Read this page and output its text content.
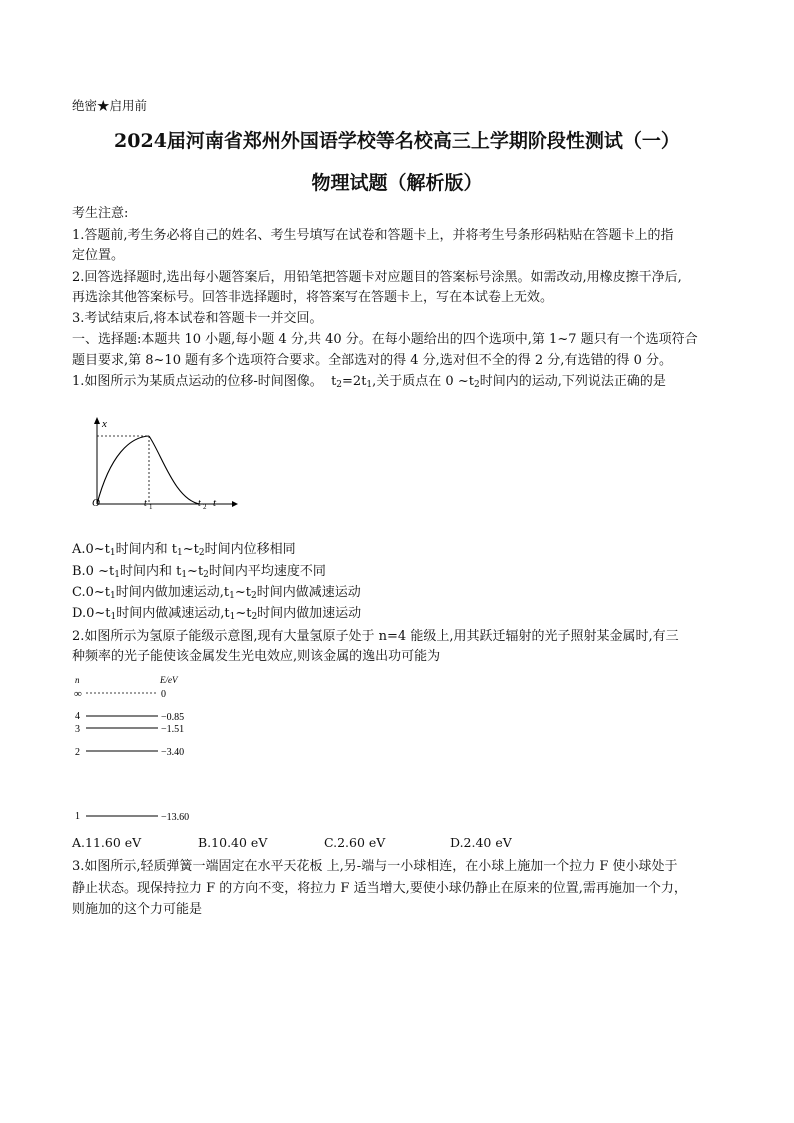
绝密★启用前
2024届河南省郑州外国语学校等名校高三上学期阶段性测试（一）
物理试题（解析版）
考生注意:
1.答题前,考生务必将自己的姓名、考生号填写在试卷和答题卡上，并将考生号条形码粘贴在答题卡上的指
定位置。
2.回答选择题时,选出每小题答案后，用铅笔把答题卡对应题目的答案标号涂黑。如需改动,用橡皮擦干净后,
再选涂其他答案标号。回答非选择题时，将答案写在答题卡上，写在本试卷上无效。
3.考试结束后,将本试卷和答题卡一并交回。
一、选择题:本题共 10 小题,每小题 4 分,共 40 分。在每小题给出的四个选项中,第 1~7 题只有一个选项符合
题目要求,第 8~10 题有多个选项符合要求。全部选对的得 4 分,选对但不全的得 2 分,有选错的得 0 分。
1.如图所示为某质点运动的位移-时间图像。 t2=2t1,关于质点在 0 ~t2时间内的运动,下列说法正确的是
x
O	t 1	t 2 t
A.0~t1时间内和 t1~t2时间内位移相同
B.0 ~t1时间内和 t1~t2时间内平均速度不同
C.0~t1时间内做加速运动,t1~t2时间内做减速运动
D.0~t1时间内做减速运动,t1~t2时间内做加速运动
2.如图所示为氢原子能级示意图,现有大量氢原子处于 n=4 能级上,用其跃迁辐射的光子照射某金属时,有三
种频率的光子能使该金属发生光电效应,则该金属的逸出功可能为
n	E/eV
∞	0
4	−0.85
3	−1.51
2	−3.40
1	−13.60
A.11.60 eV	B.10.40 eV	C.2.60 eV	D.2.40 eV
3.如图所示,轻质弹簧一端固定在水平天花板 上,另-端与一小球相连，在小球上施加一个拉力 F 使小球处于
静止状态。现保持拉力 F 的方向不变，将拉力 F 适当增大,要使小球仍静止在原来的位置,需再施加一个力，
则施加的这个力可能是
